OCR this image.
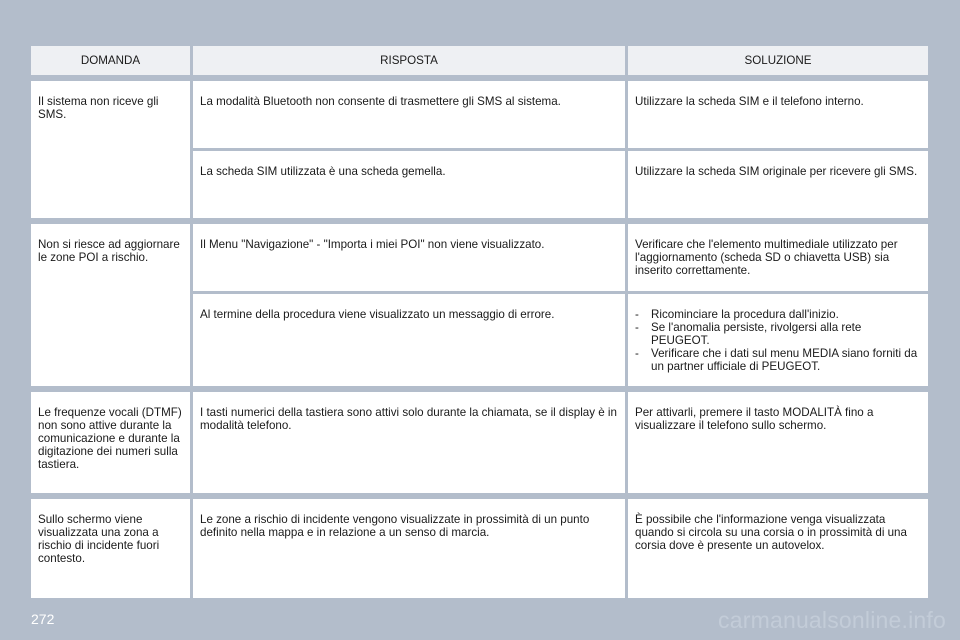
DOMANDA	RISPOSTA	SOLUZIONE
Il sistema non riceve gli SMS.
La modalità Bluetooth non consente di trasmettere gli SMS al sistema.	Utilizzare la scheda SIM e il telefono interno.
La scheda SIM utilizzata è una scheda gemella.	Utilizzare la scheda SIM originale per ricevere gli SMS.
Non si riesce ad aggiornare le zone POI a rischio.
Il Menu "Navigazione" - "Importa i miei POI" non viene visualizzato.	Verificare che l'elemento multimediale utilizzato per l'aggiornamento (scheda SD o chiavetta USB) sia inserito correttamente.
Al termine della procedura viene visualizzato un messaggio di errore.
-	Ricominciare la procedura dall'inizio.
- Se l'anomalia persiste, rivolgersi alla rete PEUGEOT.
- Verificare che i dati sul menu MEDIA siano forniti da un partner ufficiale di PEUGEOT.
Le frequenze vocali (DTMF) non sono attive durante la comunicazione e durante la digitazione dei numeri sulla tastiera.
I tasti numerici della tastiera sono attivi solo durante la chiamata, se il display è in modalità telefono.
Per attivarli, premere il tasto MODALITÀ fino a visualizzare il telefono sullo schermo.
Sullo schermo viene visualizzata una zona a rischio di incidente fuori contesto.
Le zone a rischio di incidente vengono visualizzate in prossimità di un punto definito nella mappa e in relazione a un senso di marcia.
È possibile che l'informazione venga visualizzata quando si circola su una corsia o in prossimità di una corsia dove è presente un autovelox.
272	carmanualsonline.info
